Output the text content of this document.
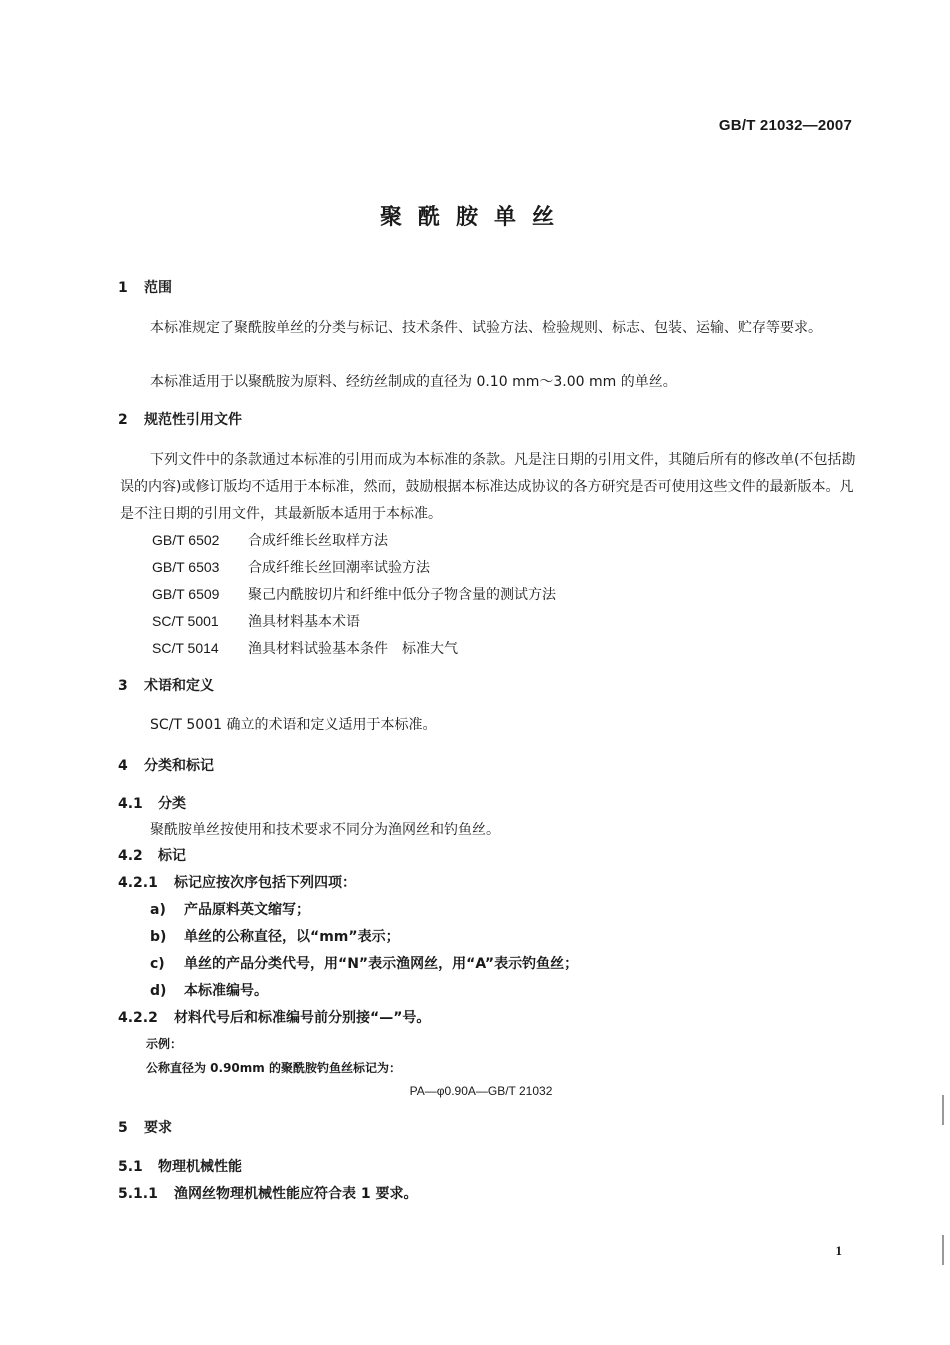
GB/T 21032—2007
聚酰胺单丝
1 范围
本标准规定了聚酰胺单丝的分类与标记、技术条件、试验方法、检验规则、标志、包装、运输、贮存等要求。
本标准适用于以聚酰胺为原料、经纺丝制成的直径为 0.10 mm～3.00 mm 的单丝。
2 规范性引用文件
下列文件中的条款通过本标准的引用而成为本标准的条款。凡是注日期的引用文件，其随后所有的修改单(不包括勘误的内容)或修订版均不适用于本标准，然而，鼓励根据本标准达成协议的各方研究是否可使用这些文件的最新版本。凡是不注日期的引用文件，其最新版本适用于本标准。
GB/T 6502 合成纤维长丝取样方法
GB/T 6503 合成纤维长丝回潮率试验方法
GB/T 6509 聚己内酰胺切片和纤维中低分子物含量的测试方法
SC/T 5001 渔具材料基本术语
SC/T 5014 渔具材料试验基本条件　标准大气
3 术语和定义
SC/T 5001 确立的术语和定义适用于本标准。
4 分类和标记
4.1 分类
聚酰胺单丝按使用和技术要求不同分为渔网丝和钓鱼丝。
4.2 标记
4.2.1 标记应按次序包括下列四项：
a) 产品原料英文缩写；
b) 单丝的公称直径，以“mm”表示；
c) 单丝的产品分类代号，用“N”表示渔网丝，用“A”表示钓鱼丝；
d) 本标准编号。
4.2.2 材料代号后和标准编号前分别接“—”号。
示例：
公称直径为 0.90mm 的聚酰胺钓鱼丝标记为：
PA—φ0.90A—GB/T 21032
5 要求
5.1 物理机械性能
5.1.1 渔网丝物理机械性能应符合表 1 要求。
1
